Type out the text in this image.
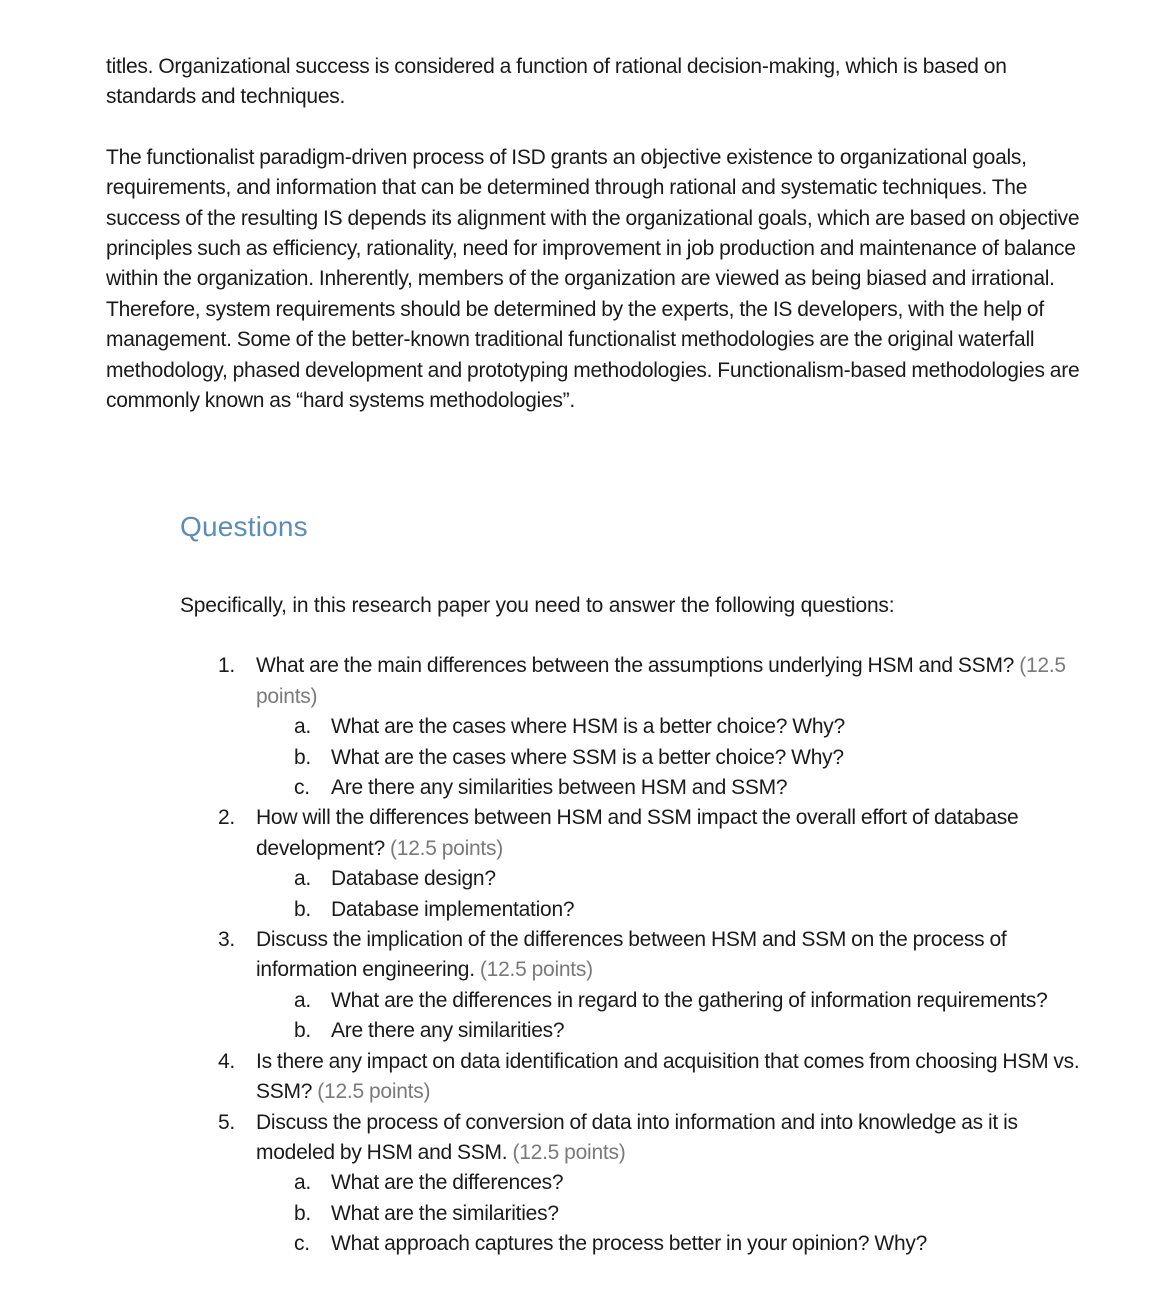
titles. Organizational success is considered a function of rational decision-making, which is based on standards and techniques.

The functionalist paradigm-driven process of ISD grants an objective existence to organizational goals, requirements, and information that can be determined through rational and systematic techniques. The success of the resulting IS depends its alignment with the organizational goals, which are based on objective principles such as efficiency, rationality, need for improvement in job production and maintenance of balance within the organization. Inherently, members of the organization are viewed as being biased and irrational. Therefore, system requirements should be determined by the experts, the IS developers, with the help of management. Some of the better-known traditional functionalist methodologies are the original waterfall methodology, phased development and prototyping methodologies. Functionalism-based methodologies are commonly known as “hard systems methodologies”.

Questions

Specifically, in this research paper you need to answer the following questions:

1. What are the main differences between the assumptions underlying HSM and SSM? (12.5 points)
a. What are the cases where HSM is a better choice? Why?
b. What are the cases where SSM is a better choice? Why?
c. Are there any similarities between HSM and SSM?
2. How will the differences between HSM and SSM impact the overall effort of database development? (12.5 points)
a. Database design?
b. Database implementation?
3. Discuss the implication of the differences between HSM and SSM on the process of information engineering. (12.5 points)
a. What are the differences in regard to the gathering of information requirements?
b. Are there any similarities?
4. Is there any impact on data identification and acquisition that comes from choosing HSM vs. SSM? (12.5 points)
5. Discuss the process of conversion of data into information and into knowledge as it is modeled by HSM and SSM. (12.5 points)
a. What are the differences?
b. What are the similarities?
c. What approach captures the process better in your opinion? Why?
